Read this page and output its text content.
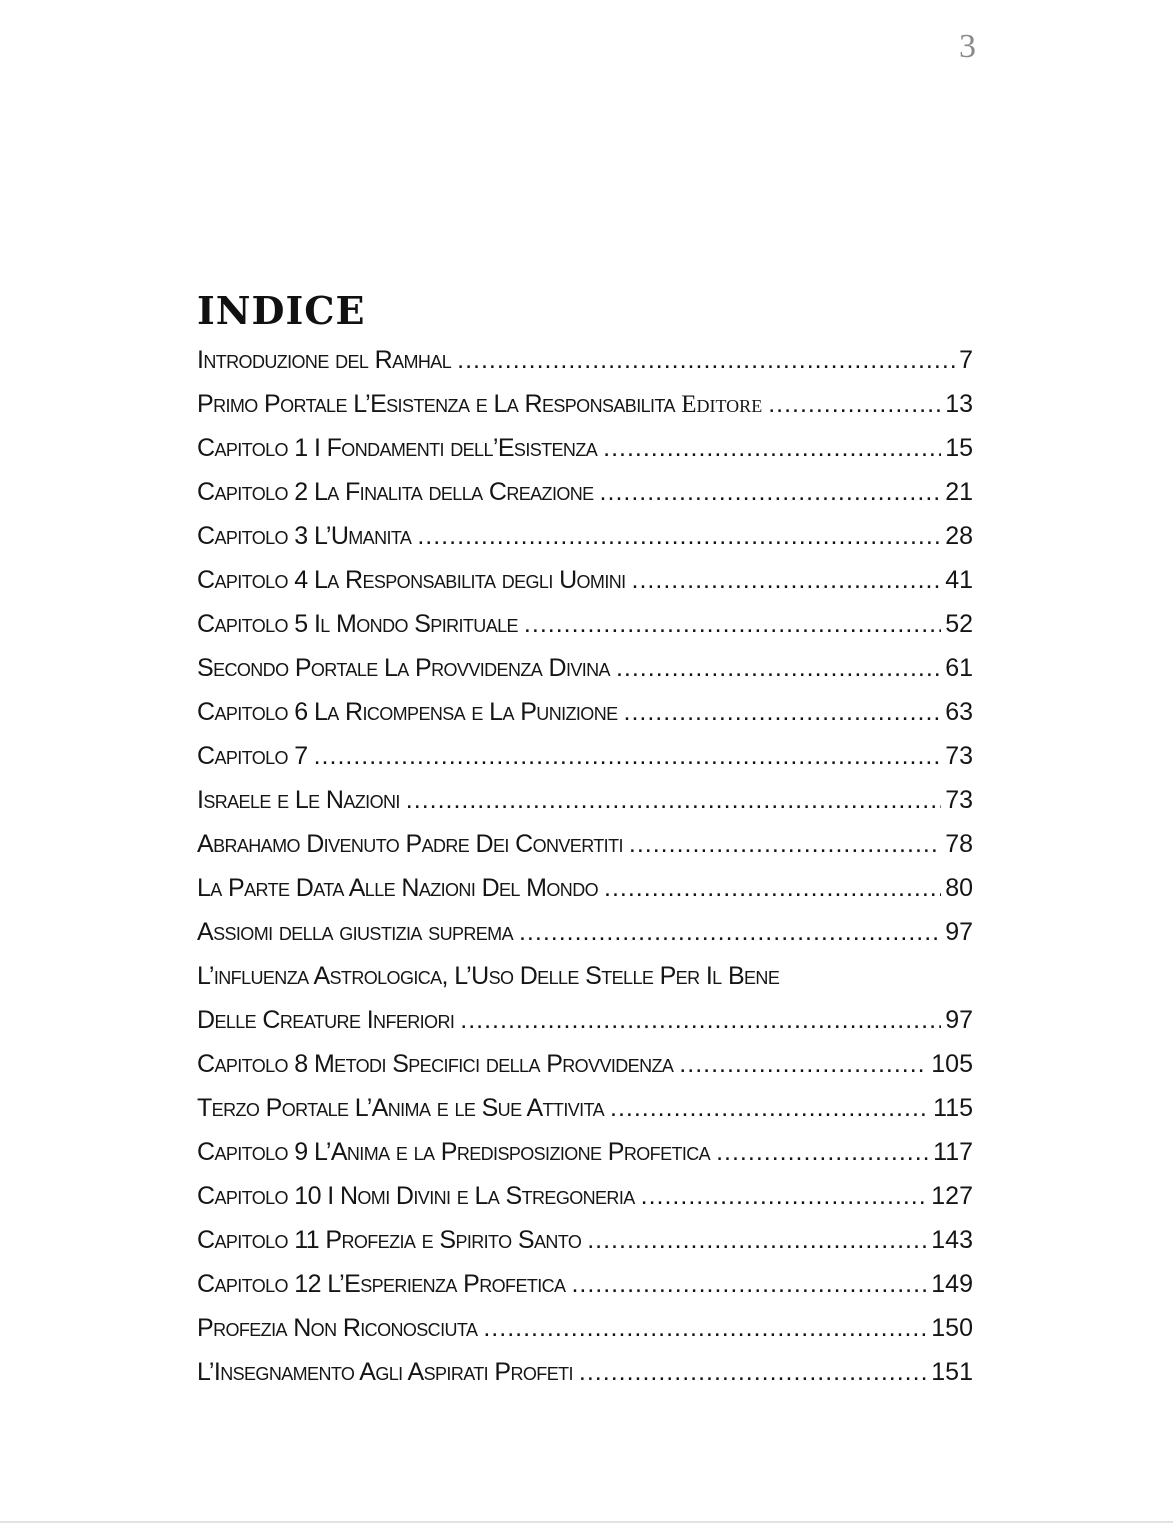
3
INDICE
Introduzione del Ramhal .....	7
Primo Portale L’Esistenza e La Responsabilita Editore .....	13
Capitolo 1 I Fondamenti dell’Esistenza .....	15
Capitolo 2 La Finalita della Creazione .....	21
Capitolo 3 L’Umanita .....	28
Capitolo 4 La Responsabilita degli Uomini .....	41
Capitolo 5 Il Mondo Spirituale .....	52
Secondo Portale La Provvidenza Divina .....	61
Capitolo 6 La Ricompensa e La Punizione .....	63
Capitolo 7 .....	73
Israele e Le Nazioni .....	73
Abrahamo Divenuto Padre Dei Convertiti .....	78
La Parte Data Alle Nazioni Del Mondo .....	80
Assiomi della giustizia suprema .....	97
L’influenza Astrologica, L’Uso Delle Stelle Per Il Bene
Delle Creature Inferiori .....	97
Capitolo 8 Metodi Specifici della Provvidenza .....	105
Terzo Portale L’Anima e le Sue Attivita .....	115
Capitolo 9 L’Anima e la Predisposizione Profetica .....	117
Capitolo 10 I Nomi Divini e La Stregoneria .....	127
Capitolo 11 Profezia e Spirito Santo .....	143
Capitolo 12 L’Esperienza Profetica .....	149
Profezia Non Riconosciuta .....	150
L’Insegnamento Agli Aspirati Profeti .....	151
